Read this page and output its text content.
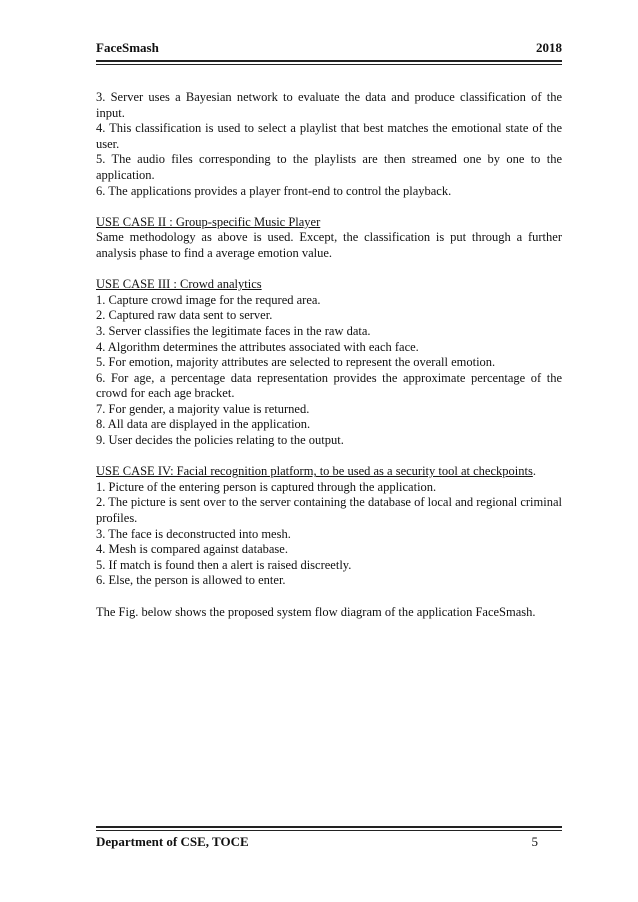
FaceSmash	2018

3. Server uses a Bayesian network to evaluate the data and produce classification of the input.

4. This classification is used to select a playlist that best matches the emotional state of the user.

5. The audio files corresponding to the playlists are then streamed one by one to the application.

6. The applications provides a player front-end to control the playback.

USE CASE II : Group-specific Music Player

Same methodology as above is used. Except, the classification is put through a further analysis phase to find a average emotion value.

USE CASE III : Crowd analytics

1. Capture crowd image for the requred area.

2. Captured raw data sent to server.

3. Server classifies the legitimate faces in the raw data.

4. Algorithm determines the attributes associated with each face.

5. For emotion, majority attributes are selected to represent the overall emotion.

6. For age, a percentage data representation provides the approximate percentage of the crowd for each age bracket.

7. For gender, a majority value is returned.

8. All data are displayed in the application.

9. User decides the policies relating to the output.

USE CASE IV: Facial recognition platform, to be used as a security tool at checkpoints.

1. Picture of the entering person is captured through the application.

2. The picture is sent over to the server containing the database of local and regional criminal profiles.

3. The face is deconstructed into mesh.

4. Mesh is compared against database.

5. If match is found then a alert is raised discreetly.

6. Else, the person is allowed to enter.

The Fig. below shows the proposed system flow diagram of the application FaceSmash.

Department of CSE, TOCE	5
